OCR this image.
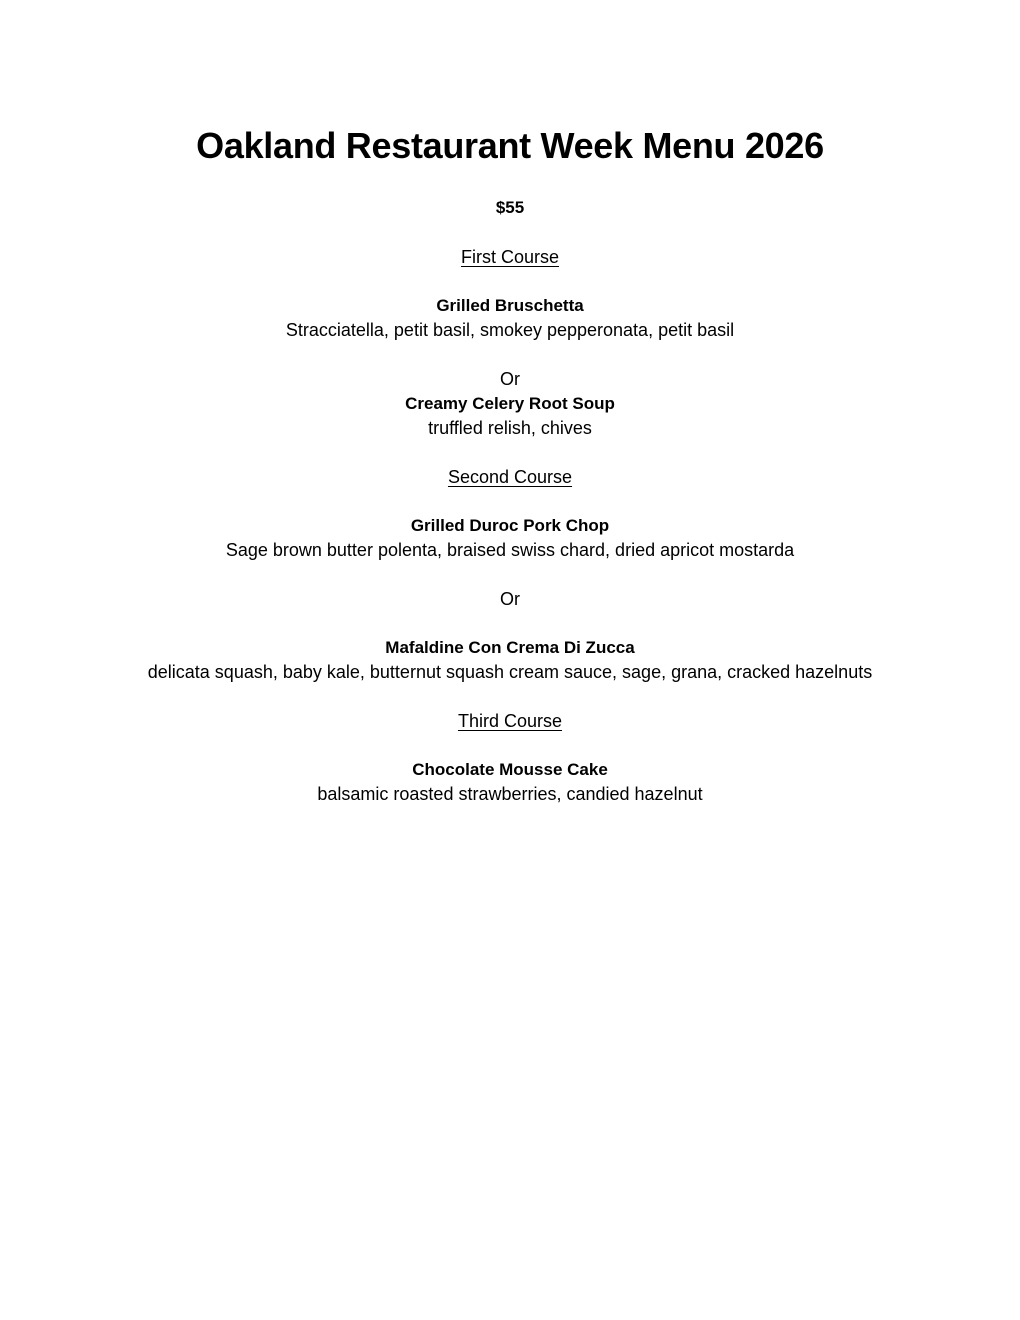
Oakland Restaurant Week Menu 2026
$55
First Course
Grilled Bruschetta
Stracciatella, petit basil, smokey pepperonata, petit basil
Or
Creamy Celery Root Soup
truffled relish, chives
Second Course
Grilled Duroc Pork Chop
Sage brown butter polenta, braised swiss chard, dried apricot mostarda
Or
Mafaldine Con Crema Di Zucca
delicata squash, baby kale, butternut squash cream sauce, sage, grana, cracked hazelnuts
Third Course
Chocolate Mousse Cake
balsamic roasted strawberries, candied hazelnut
